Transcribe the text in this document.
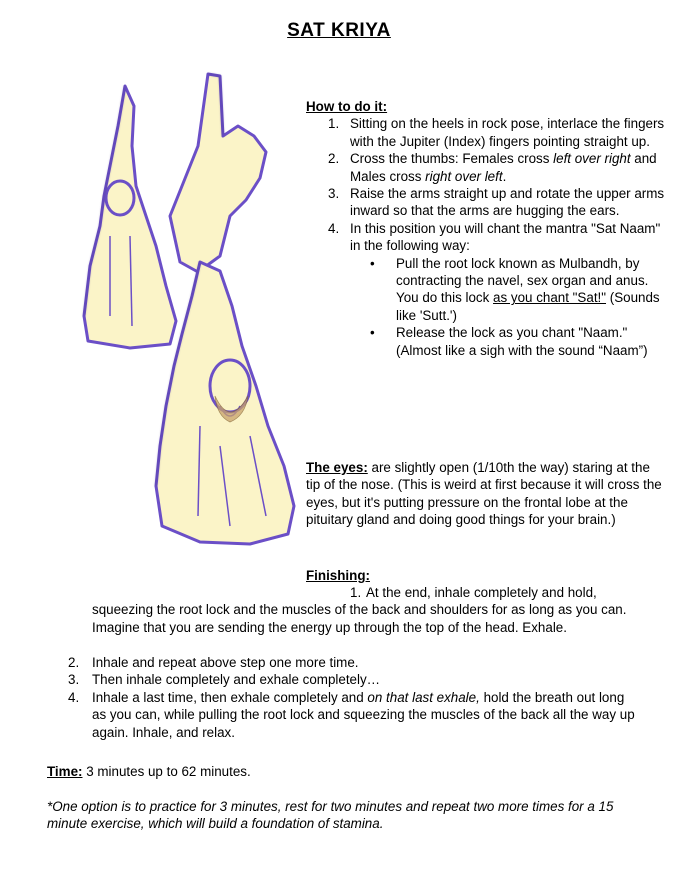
SAT KRIYA
How to do it:
1. Sitting on the heels in rock pose, interlace the fingers with the Jupiter (Index) fingers pointing straight up.
2. Cross the thumbs: Females cross left over right and Males cross right over left.
3. Raise the arms straight up and rotate the upper arms inward so that the arms are hugging the ears.
4. In this position you will chant the mantra "Sat Naam" in the following way:
• Pull the root lock known as Mulbandh, by contracting the navel, sex organ and anus. You do this lock as you chant "Sat!" (Sounds like 'Sutt.')
• Release the lock as you chant "Naam." (Almost like a sigh with the sound “Naam”)
The eyes: are slightly open (1/10th the way) staring at the tip of the nose. (This is weird at first because it will cross the eyes, but it's putting pressure on the frontal lobe at the pituitary gland and doing good things for your brain.)
Finishing:
1. At the end, inhale completely and hold,
squeezing the root lock and the muscles of the back and shoulders for as long as you can. Imagine that you are sending the energy up through the top of the head. Exhale.
2. Inhale and repeat above step one more time.
3. Then inhale completely and exhale completely…
4. Inhale a last time, then exhale completely and on that last exhale, hold the breath out long as you can, while pulling the root lock and squeezing the muscles of the back all the way up again. Inhale, and relax.
Time: 3 minutes up to 62 minutes.
*One option is to practice for 3 minutes, rest for two minutes and repeat two more times for a 15 minute exercise, which will build a foundation of stamina.
